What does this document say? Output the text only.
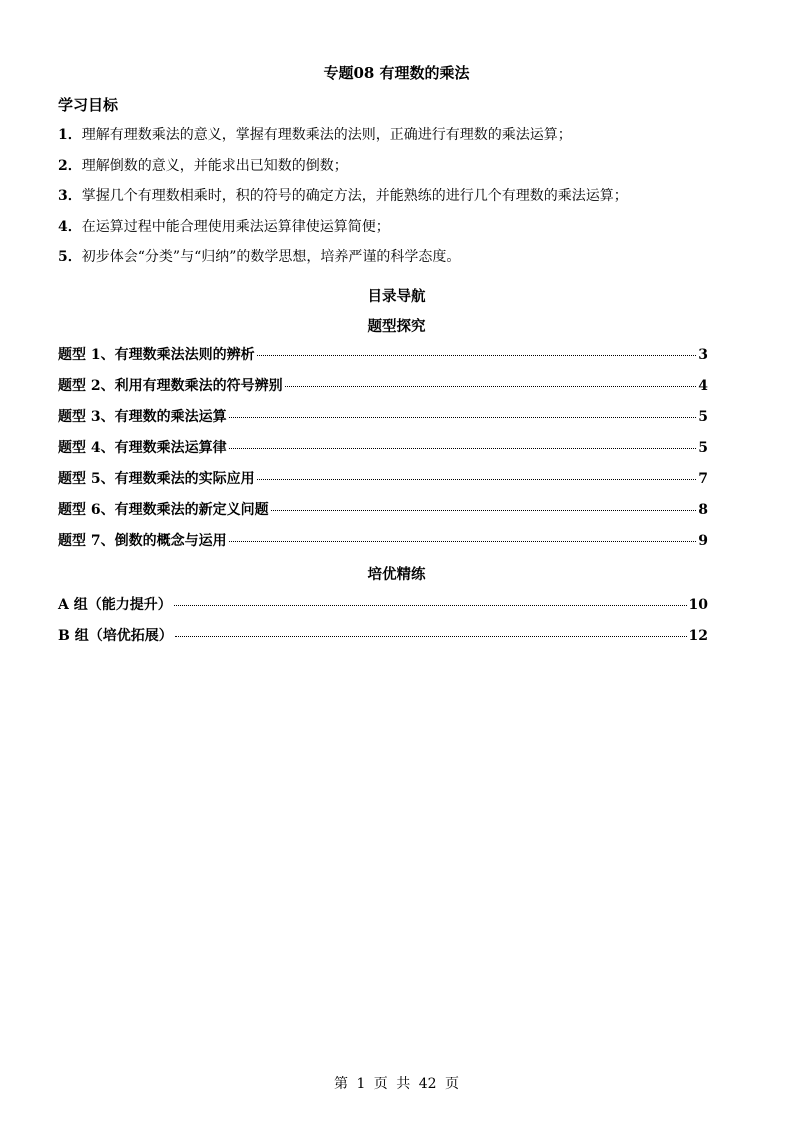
专题08 有理数的乘法
学习目标
1．理解有理数乘法的意义，掌握有理数乘法的法则，正确进行有理数的乘法运算；
2．理解倒数的意义，并能求出已知数的倒数；
3．掌握几个有理数相乘时，积的符号的确定方法，并能熟练的进行几个有理数的乘法运算；
4．在运算过程中能合理使用乘法运算律使运算简便；
5．初步体会“分类”与“归纳”的数学思想，培养严谨的科学态度。
目录导航
题型探究
题型 1、有理数乘法法则的辨析	3
题型 2、利用有理数乘法的符号辨别	4
题型 3、有理数的乘法运算	5
题型 4、有理数乘法运算律	5
题型 5、有理数乘法的实际应用	7
题型 6、有理数乘法的新定义问题	8
题型 7、倒数的概念与运用	9
培优精练
A 组（能力提升）	10
B 组（培优拓展）	12
第 1 页 共 42 页
